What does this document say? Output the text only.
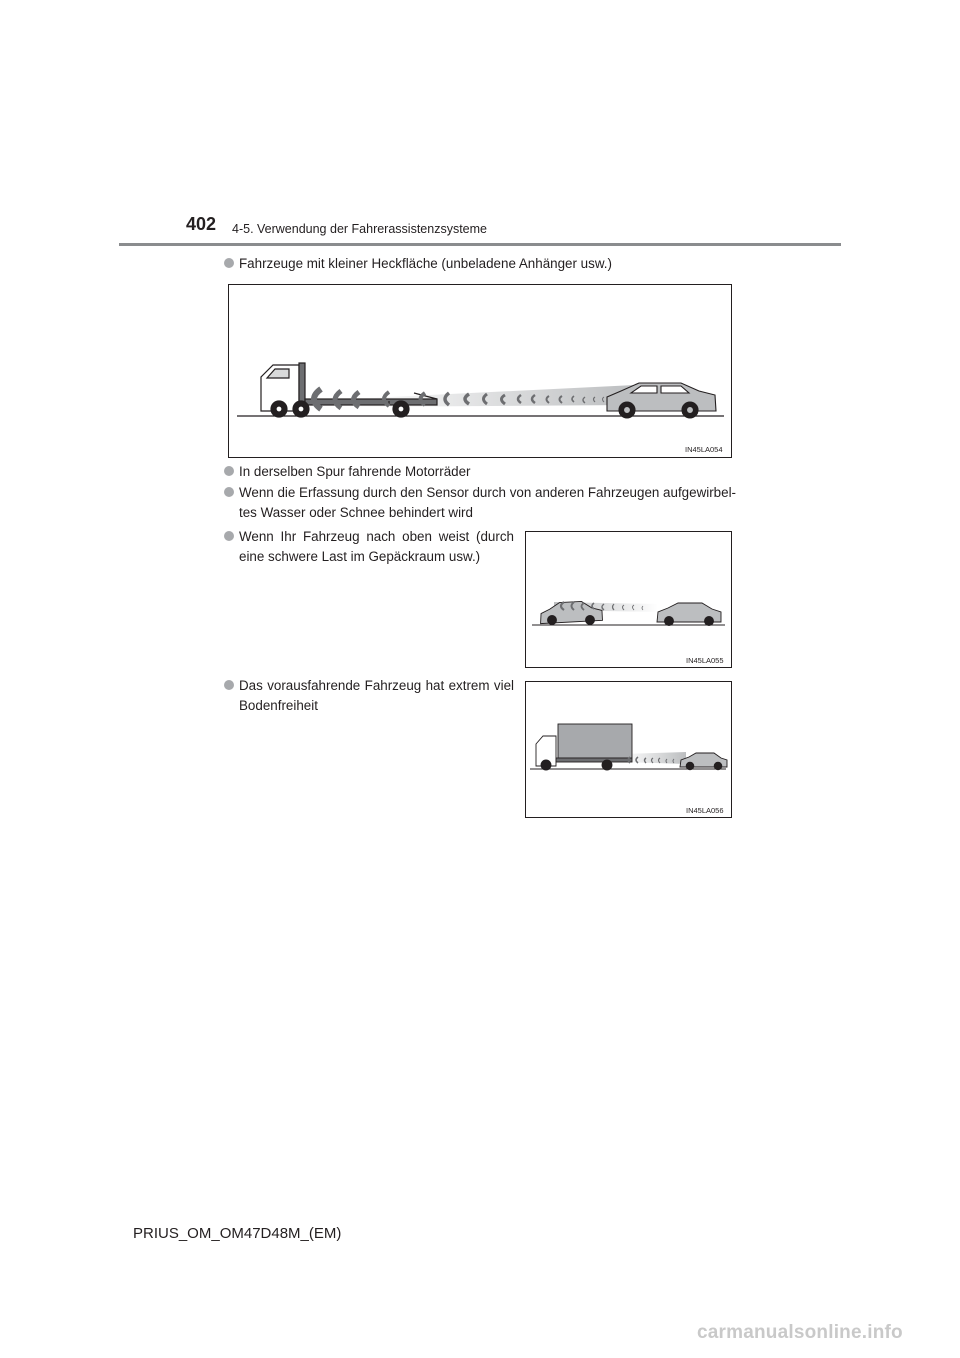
402 4-5. Verwendung der Fahrerassistenzsysteme
Fahrzeuge mit kleiner Heckfläche (unbeladene Anhänger usw.)
IN45LA054
In derselben Spur fahrende Motorräder
Wenn die Erfassung durch den Sensor durch von anderen Fahrzeugen aufgewirbel-
tes Wasser oder Schnee behindert wird
Wenn Ihr Fahrzeug nach oben weist (durch eine schwere Last im Gepäckraum usw.)
IN45LA055
Das vorausfahrende Fahrzeug hat extrem viel Bodenfreiheit
IN45LA056
PRIUS_OM_OM47D48M_(EM)
carmanualsonline.info
